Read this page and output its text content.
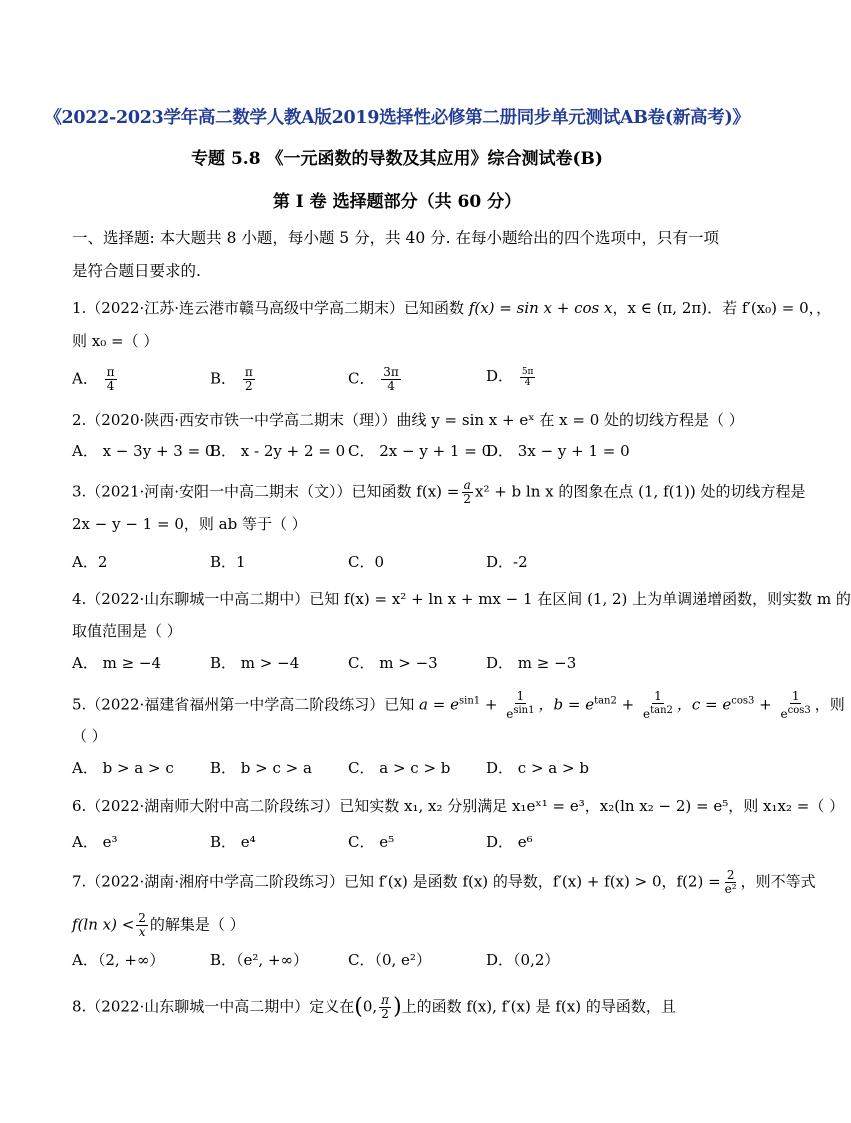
《2022-2023学年高二数学人教A版2019选择性必修第二册同步单元测试AB卷(新高考)》
专题 5.8 《一元函数的导数及其应用》综合测试卷(B)
第 I 卷 选择题部分（共 60 分）
一、选择题: 本大题共 8 小题，每小题 5 分，共 40 分. 在每小题给出的四个选项中，只有一项
是符合题日要求的.
1.（2022·江苏·连云港市赣马高级中学高二期末）已知函数 f(x) = sin x + cos x，x ∈ (π, 2π)．若 f′(x₀) = 0，，
则 x₀ =（ ）
A． $\frac{\pi}{4}$	B． $\frac{\pi}{2}$	C． $\frac{3\pi}{4}$	D． $\frac{5\pi}{4}$
2.（2020·陕西·西安市铁一中学高二期末（理））曲线 y = sin x + eˣ 在 x = 0 处的切线方程是（ ）
A． x − 3y + 3 = 0
B． x - 2y + 2 = 0 C． 2x − y + 1 = 0
D． 3x − y + 1 = 0
3.（2021·河南·安阳一中高二期末（文））已知函数 $f(x) = \frac{a}{2} x^2 + b$ ln x 的图象在点 (1, f(1)) 处的切线方程是
2x − y − 1 = 0，则 ab 等于（ ）
A．2	B．1	C．0	D．-2
4.（2022·山东聊城一中高二期中）已知 f(x) = x² + ln x + mx − 1 在区间 (1, 2) 上为单调递增函数，则实数 m 的
取值范围是（ ）
A． m ≥ −4	B． m > −4	C． m > −3	D． m ≥ −3
5.（2022·福建省福州第一中学高二阶段练习）已知 $a = e^{sin1} + \frac{1}{e^{sin1}}$ ，$b = e^{tan2} + \frac{1}{e^{tan2}}$ ，$c = e^{cos3} + \frac{1}{e^{cos3}}$ ，则
（ ）
A． b > a > c B． b > c > a C． a > c > b D． c > a > b
6.（2022·湖南师大附中高二阶段练习）已知实数 x₁, x₂ 分别满足 x₁eˣ¹ = e³，x₂(ln x₂ − 2) = e⁵，则 x₁x₂ =（ ）
A． e³	B． e⁴	C． e⁵	D． e⁶
7.（2022·湖南·湘府中学高二阶段练习）已知 f′(x) 是函数 f(x) 的导数，f′(x) + f(x) > 0，$f(2) = \frac{2}{\text{e²}}$ ，则不等式
f(ln $x) < \frac{2}{x}$ 的解集是（ ）
A．（2, +∞）	B．（e², +∞）	C．（0, e²）	D．（0,2）
8.（2022·山东聊城一中高二期中）定义在(0, $\frac{\pi}{2}$ )上的函数 f(x), f′(x) 是 f(x) 的导函数，且
